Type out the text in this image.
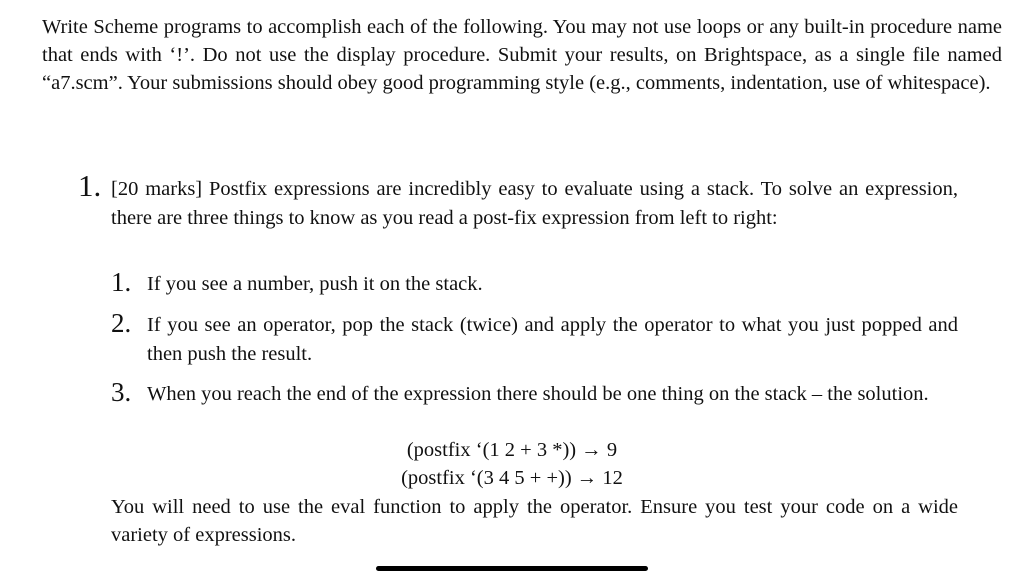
Write Scheme programs to accomplish each of the following. You may not use loops or any built-in procedure name that ends with ‘!’. Do not use the display procedure. Submit your results, on Brightspace, as a single file named “a7.scm”. Your submissions should obey good programming style (e.g., comments, indentation, use of whitespace).

1. [20 marks] Postfix expressions are incredibly easy to evaluate using a stack. To solve an expression, there are three things to know as you read a post-fix expression from left to right:

1. If you see a number, push it on the stack.

2. If you see an operator, pop the stack (twice) and apply the operator to what you just popped and then push the result.

3. When you reach the end of the expression there should be one thing on the stack – the solution.

(postfix ‘(1 2 + 3 *)) → 9

(postfix ‘(3 4 5 + +)) → 12

You will need to use the eval function to apply the operator. Ensure you test your code on a wide variety of expressions.
